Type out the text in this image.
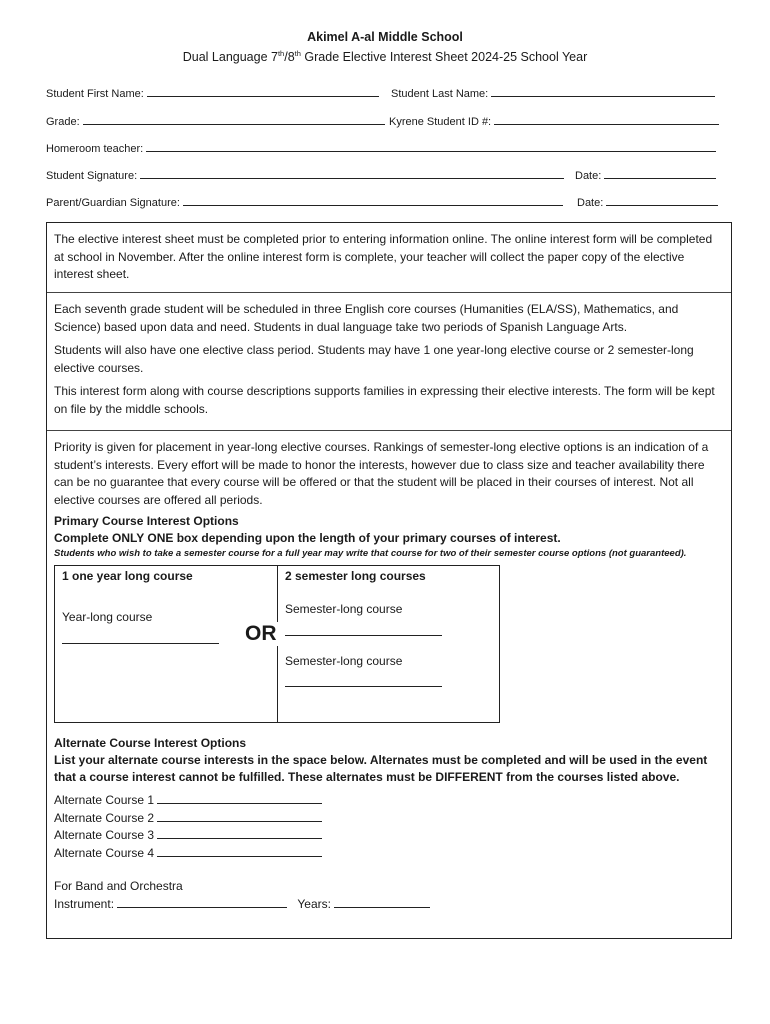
Akimel A-al Middle School
Dual Language 7th/8th Grade Elective Interest Sheet 2024-25 School Year
Student First Name:	Student Last Name:
Grade:	Kyrene Student ID #:
Homeroom teacher:
Student Signature:	Date:
Parent/Guardian Signature:	Date:

The elective interest sheet must be completed prior to entering information online. The online interest form will be completed at school in November. After the online interest form is complete, your teacher will collect the paper copy of the elective interest sheet.

Each seventh grade student will be scheduled in three English core courses (Humanities (ELA/SS), Mathematics, and Science) based upon data and need. Students in dual language take two periods of Spanish Language Arts.

Students will also have one elective class period. Students may have 1 one year-long elective course or 2 semester-long elective courses.

This interest form along with course descriptions supports families in expressing their elective interests. The form will be kept on file by the middle schools.

Priority is given for placement in year-long elective courses. Rankings of semester-long elective options is an indication of a student’s interests. Every effort will be made to honor the interests, however due to class size and teacher availability there can be no guarantee that every course will be offered or that the student will be placed in their courses of interest. Not all elective courses are offered all periods.

Primary Course Interest Options
Complete ONLY ONE box depending upon the length of your primary courses of interest.
Students who wish to take a semester course for a full year may write that course for two of their semester course options (not guaranteed).
1 one year long course
Year-long course
OR
2 semester long courses
Semester-long course
Semester-long course
Alternate Course Interest Options
List your alternate course interests in the space below. Alternates must be completed and will be used in the event that a course interest cannot be fulfilled. These alternates must be DIFFERENT from the courses listed above.
Alternate Course 1
Alternate Course 2
Alternate Course 3
Alternate Course 4
For Band and Orchestra
Instrument:	Years:
